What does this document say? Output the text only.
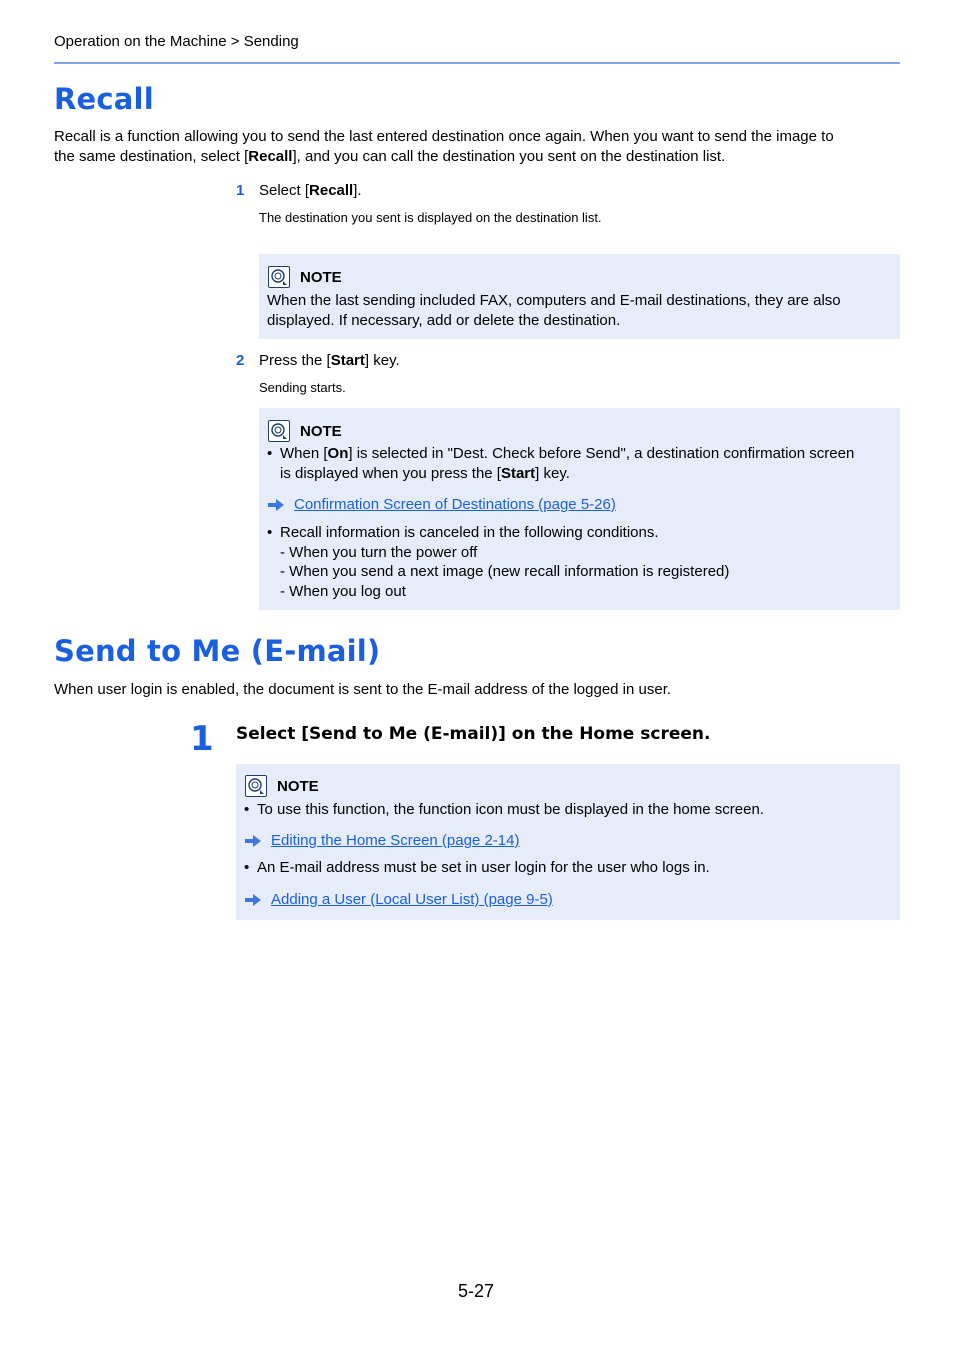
Operation on the Machine > Sending
Recall
Recall is a function allowing you to send the last entered destination once again. When you want to send the image to
the same destination, select [Recall], and you can call the destination you sent on the destination list.
1 Select [Recall].
The destination you sent is displayed on the destination list.
NOTE
When the last sending included FAX, computers and E-mail destinations, they are also
displayed. If necessary, add or delete the destination.
2 Press the [Start] key.
Sending starts.
NOTE
• When [On] is selected in "Dest. Check before Send", a destination confirmation screen
is displayed when you press the [Start] key.
Confirmation Screen of Destinations (page 5-26)
• Recall information is canceled in the following conditions.
- When you turn the power off
- When you send a next image (new recall information is registered)
- When you log out
Send to Me (E-mail)
When user login is enabled, the document is sent to the E-mail address of the logged in user.
1 Select [Send to Me (E-mail)] on the Home screen.
NOTE
• To use this function, the function icon must be displayed in the home screen.
Editing the Home Screen (page 2-14)
• An E-mail address must be set in user login for the user who logs in.
Adding a User (Local User List) (page 9-5)
5-27
